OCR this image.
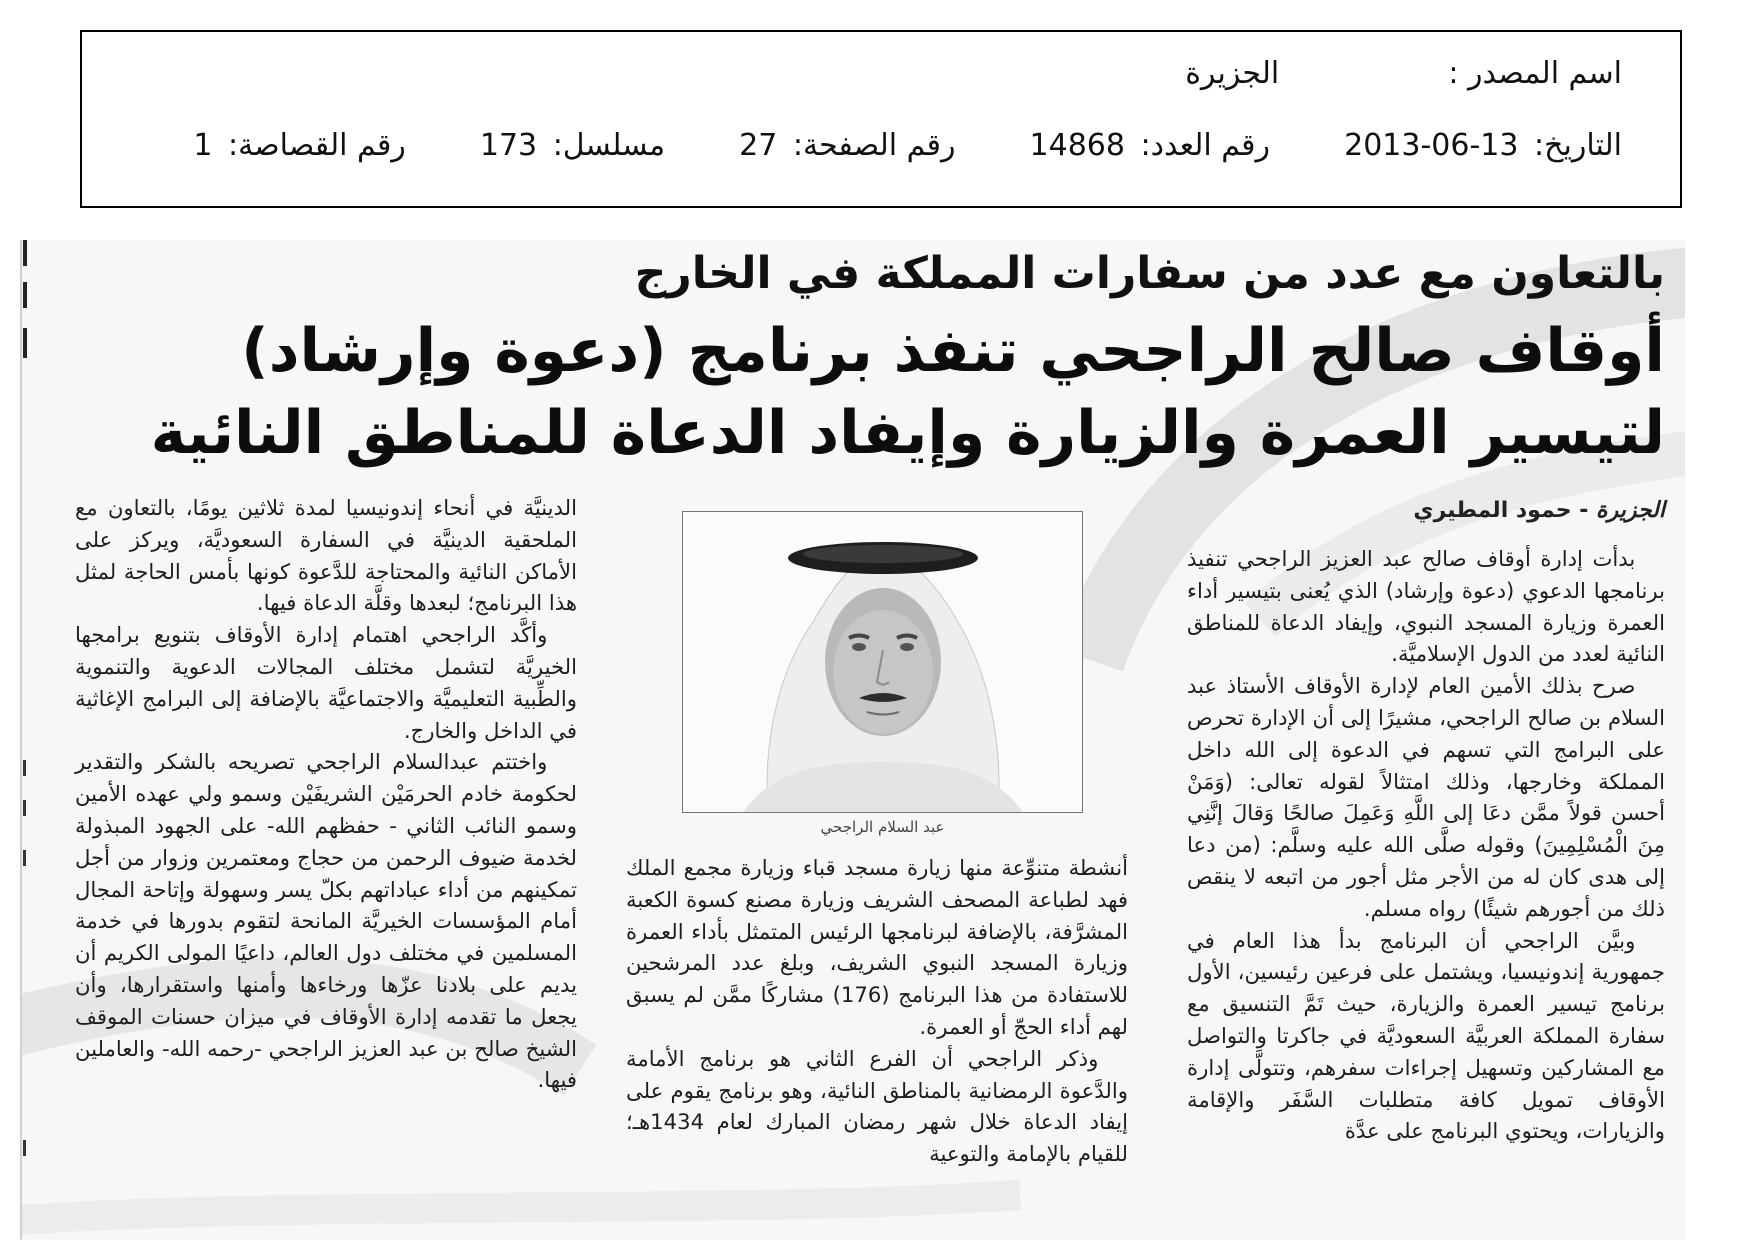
اسم المصدر :  الجزيرة
التاريخ: 2013-06-13  رقم العدد: 14868  رقم الصفحة: 27  مسلسل: 173  رقم القصاصة: 1
بالتعاون مع عدد من سفارات المملكة في الخارج
أوقاف صالح الراجحي تنفذ برنامج (دعوة وإرشاد)
لتيسير العمرة والزيارة وإيفاد الدعاة للمناطق النائية
الجزيرة - حمود المطيري

بدأت إدارة أوقاف صالح عبد العزيز الراجحي تنفيذ برنامجها الدعوي (دعوة وإرشاد) الذي يُعنى بتيسير أداء العمرة وزيارة المسجد النبوي، وإيفاد الدعاة للمناطق النائية لعدد من الدول الإسلاميَّة.

صرح بذلك الأمين العام لإدارة الأوقاف الأستاذ عبد السلام بن صالح الراجحي، مشيرًا إلى أن الإدارة تحرص على البرامج التي تسهم في الدعوة إلى الله داخل المملكة وخارجها، وذلك امتثالاً لقوله تعالى: (وَمَنْ أحسن قولاً ممَّن دعَا إلى اللَّهِ وَعَمِلَ صالحًا وَقالَ إنَّنِي مِنَ الْمُسْلِمِينَ) وقوله صلَّى الله عليه وسلَّم: (من دعا إلى هدى كان له من الأجر مثل أجور من اتبعه لا ينقص ذلك من أجورهم شيئًا) رواه مسلم.

وبيَّن الراجحي أن البرنامج بدأ هذا العام في جمهورية إندونيسيا، ويشتمل على فرعين رئيسين، الأول برنامج تيسير العمرة والزيارة، حيث تَمَّ التنسيق مع سفارة المملكة العربيَّة السعوديَّة في جاكرتا والتواصل مع المشاركين وتسهيل إجراءات سفرهم، وتتولَّى إدارة الأوقاف تمويل كافة متطلبات السَّفَر والإقامة والزيارات، ويحتوي البرنامج على عدَّة

عبد السلام الراجحي

أنشطة متنوِّعة منها زيارة مسجد قباء وزيارة مجمع الملك فهد لطباعة المصحف الشريف وزيارة مصنع كسوة الكعبة المشرَّفة، بالإضافة لبرنامجها الرئيس المتمثل بأداء العمرة وزيارة المسجد النبوي الشريف، وبلغ عدد المرشحين للاستفادة من هذا البرنامج (176) مشاركًا ممَّن لم يسبق لهم أداء الحجّ أو العمرة.

وذكر الراجحي أن الفرع الثاني هو برنامج الأمامة والدَّعوة الرمضانية بالمناطق النائية، وهو برنامج يقوم على إيفاد الدعاة خلال شهر رمضان المبارك لعام 1434هـ؛ للقيام بالإمامة والتوعية

الدينيَّة في أنحاء إندونيسيا لمدة ثلاثين يومًا، بالتعاون مع الملحقية الدينيَّة في السفارة السعوديَّة، ويركز على الأماكن النائية والمحتاجة للدَّعوة كونها بأمس الحاجة لمثل هذا البرنامج؛ لبعدها وقلَّة الدعاة فيها.

وأكَّد الراجحي اهتمام إدارة الأوقاف بتنويع برامجها الخيريَّة لتشمل مختلف المجالات الدعوية والتنموية والطِّبية التعليميَّة والاجتماعيَّة بالإضافة إلى البرامج الإغاثية في الداخل والخارج.

واختتم عبدالسلام الراجحي تصريحه بالشكر والتقدير لحكومة خادم الحرمَيْن الشريفَيْن وسمو ولي عهده الأمين وسمو النائب الثاني - حفظهم الله- على الجهود المبذولة لخدمة ضيوف الرحمن من حجاج ومعتمرين وزوار من أجل تمكينهم من أداء عباداتهم بكلّ يسر وسهولة وإتاحة المجال أمام المؤسسات الخيريَّة المانحة لتقوم بدورها في خدمة المسلمين في مختلف دول العالم، داعيًا المولى الكريم أن يديم على بلادنا عزّها ورخاءها وأمنها واستقرارها، وأن يجعل ما تقدمه إدارة الأوقاف في ميزان حسنات الموقف الشيخ صالح بن عبد العزيز الراجحي -رحمه الله- والعاملين فيها.
